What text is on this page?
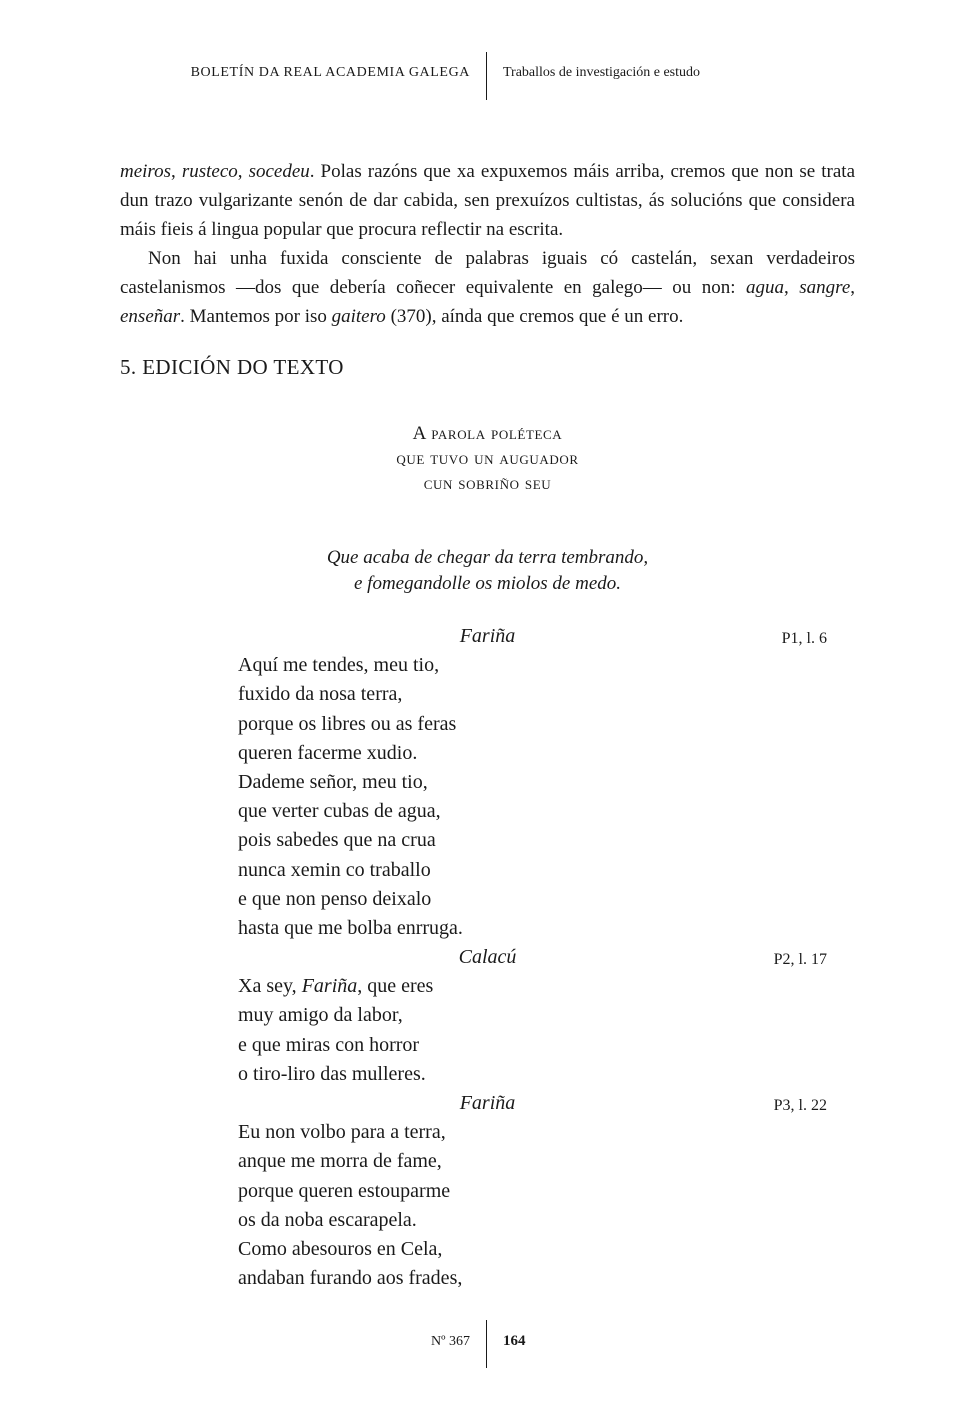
BOLETÍN DA REAL ACADEMIA GALEGA Traballos de investigación e estudo

meiros, rusteco, socedeu. Polas razóns que xa expuxemos máis arriba, cremos que non se trata dun trazo vulgarizante senón de dar cabida, sen prexuízos cultistas, ás solucións que considera máis fieis á lingua popular que procura reflectir na escrita.

Non hai unha fuxida consciente de palabras iguais có castelán, sexan verdadeiros castelanismos —dos que debería coñecer equivalente en galego— ou non: agua, sangre, enseñar. Mantemos por iso gaitero (370), aínda que cremos que é un erro.

5. EDICIÓN DO TEXTO
A parola poléteca
que tuvo un auguador
cun sobriño seu
Que acaba de chegar da terra tembrando,
e fomegandolle os miolos de medo.
Fariña	P1, l. 6
Aquí me tendes, meu tio,
fuxido da nosa terra,
porque os libres ou as feras
queren facerme xudio.
Dademe señor, meu tio,
que verter cubas de agua,
pois sabedes que na crua
nunca xemin co traballo
e que non penso deixalo
hasta que me bolba enrruga.
Calacú	P2, l. 17
Xa sey, Fariña, que eres
muy amigo da labor,
e que miras con horror
o tiro-liro das mulleres.
Fariña	P3, l. 22
Eu non volbo para a terra,
anque me morra de fame,
porque queren estouparme
os da noba escarapela.
Como abesouros en Cela,
andaban furando aos frades,
Nº 367 164
